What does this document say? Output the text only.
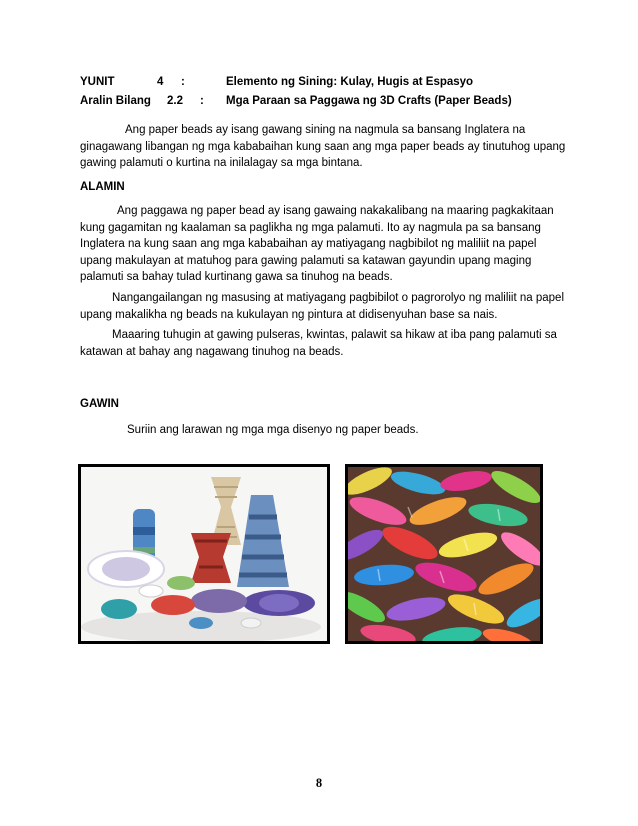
YUNIT	4 :	Elemento ng Sining: Kulay, Hugis at Espasyo
Aralin Bilang 2.2 : Mga Paraan sa Paggawa ng 3D Crafts (Paper Beads)

Ang paper beads ay isang gawang sining na nagmula sa bansang Inglatera na ginagawang libangan ng mga kababaihan kung saan ang mga paper beads ay tinutuhog upang gawing palamuti o kurtina na inilalagay sa mga bintana.

ALAMIN

Ang paggawa ng paper bead ay isang gawaing nakakalibang na maaring pagkakitaan kung gagamitan ng kaalaman sa paglikha ng mga palamuti. Ito ay nagmula pa sa bansang Inglatera na kung saan ang mga kababaihan ay matiyagang nagbibilot ng maliliit na papel upang makulayan at matuhog para gawing palamuti sa katawan gayundin upang maging palamuti sa bahay tulad kurtinang gawa sa tinuhog na beads.

Nangangailangan ng masusing at matiyagang pagbibilot o pagrorolyo ng maliliit na papel upang makalikha ng beads na kukulayan ng pintura at didisenyuhan base sa nais.

Maaaring tuhugin at gawing pulseras, kwintas, palawit sa hikaw at iba pang palamuti sa katawan at bahay ang nagawang tinuhog na beads.

GAWIN

Suriin ang larawan ng mga mga disenyo ng paper beads.

8
